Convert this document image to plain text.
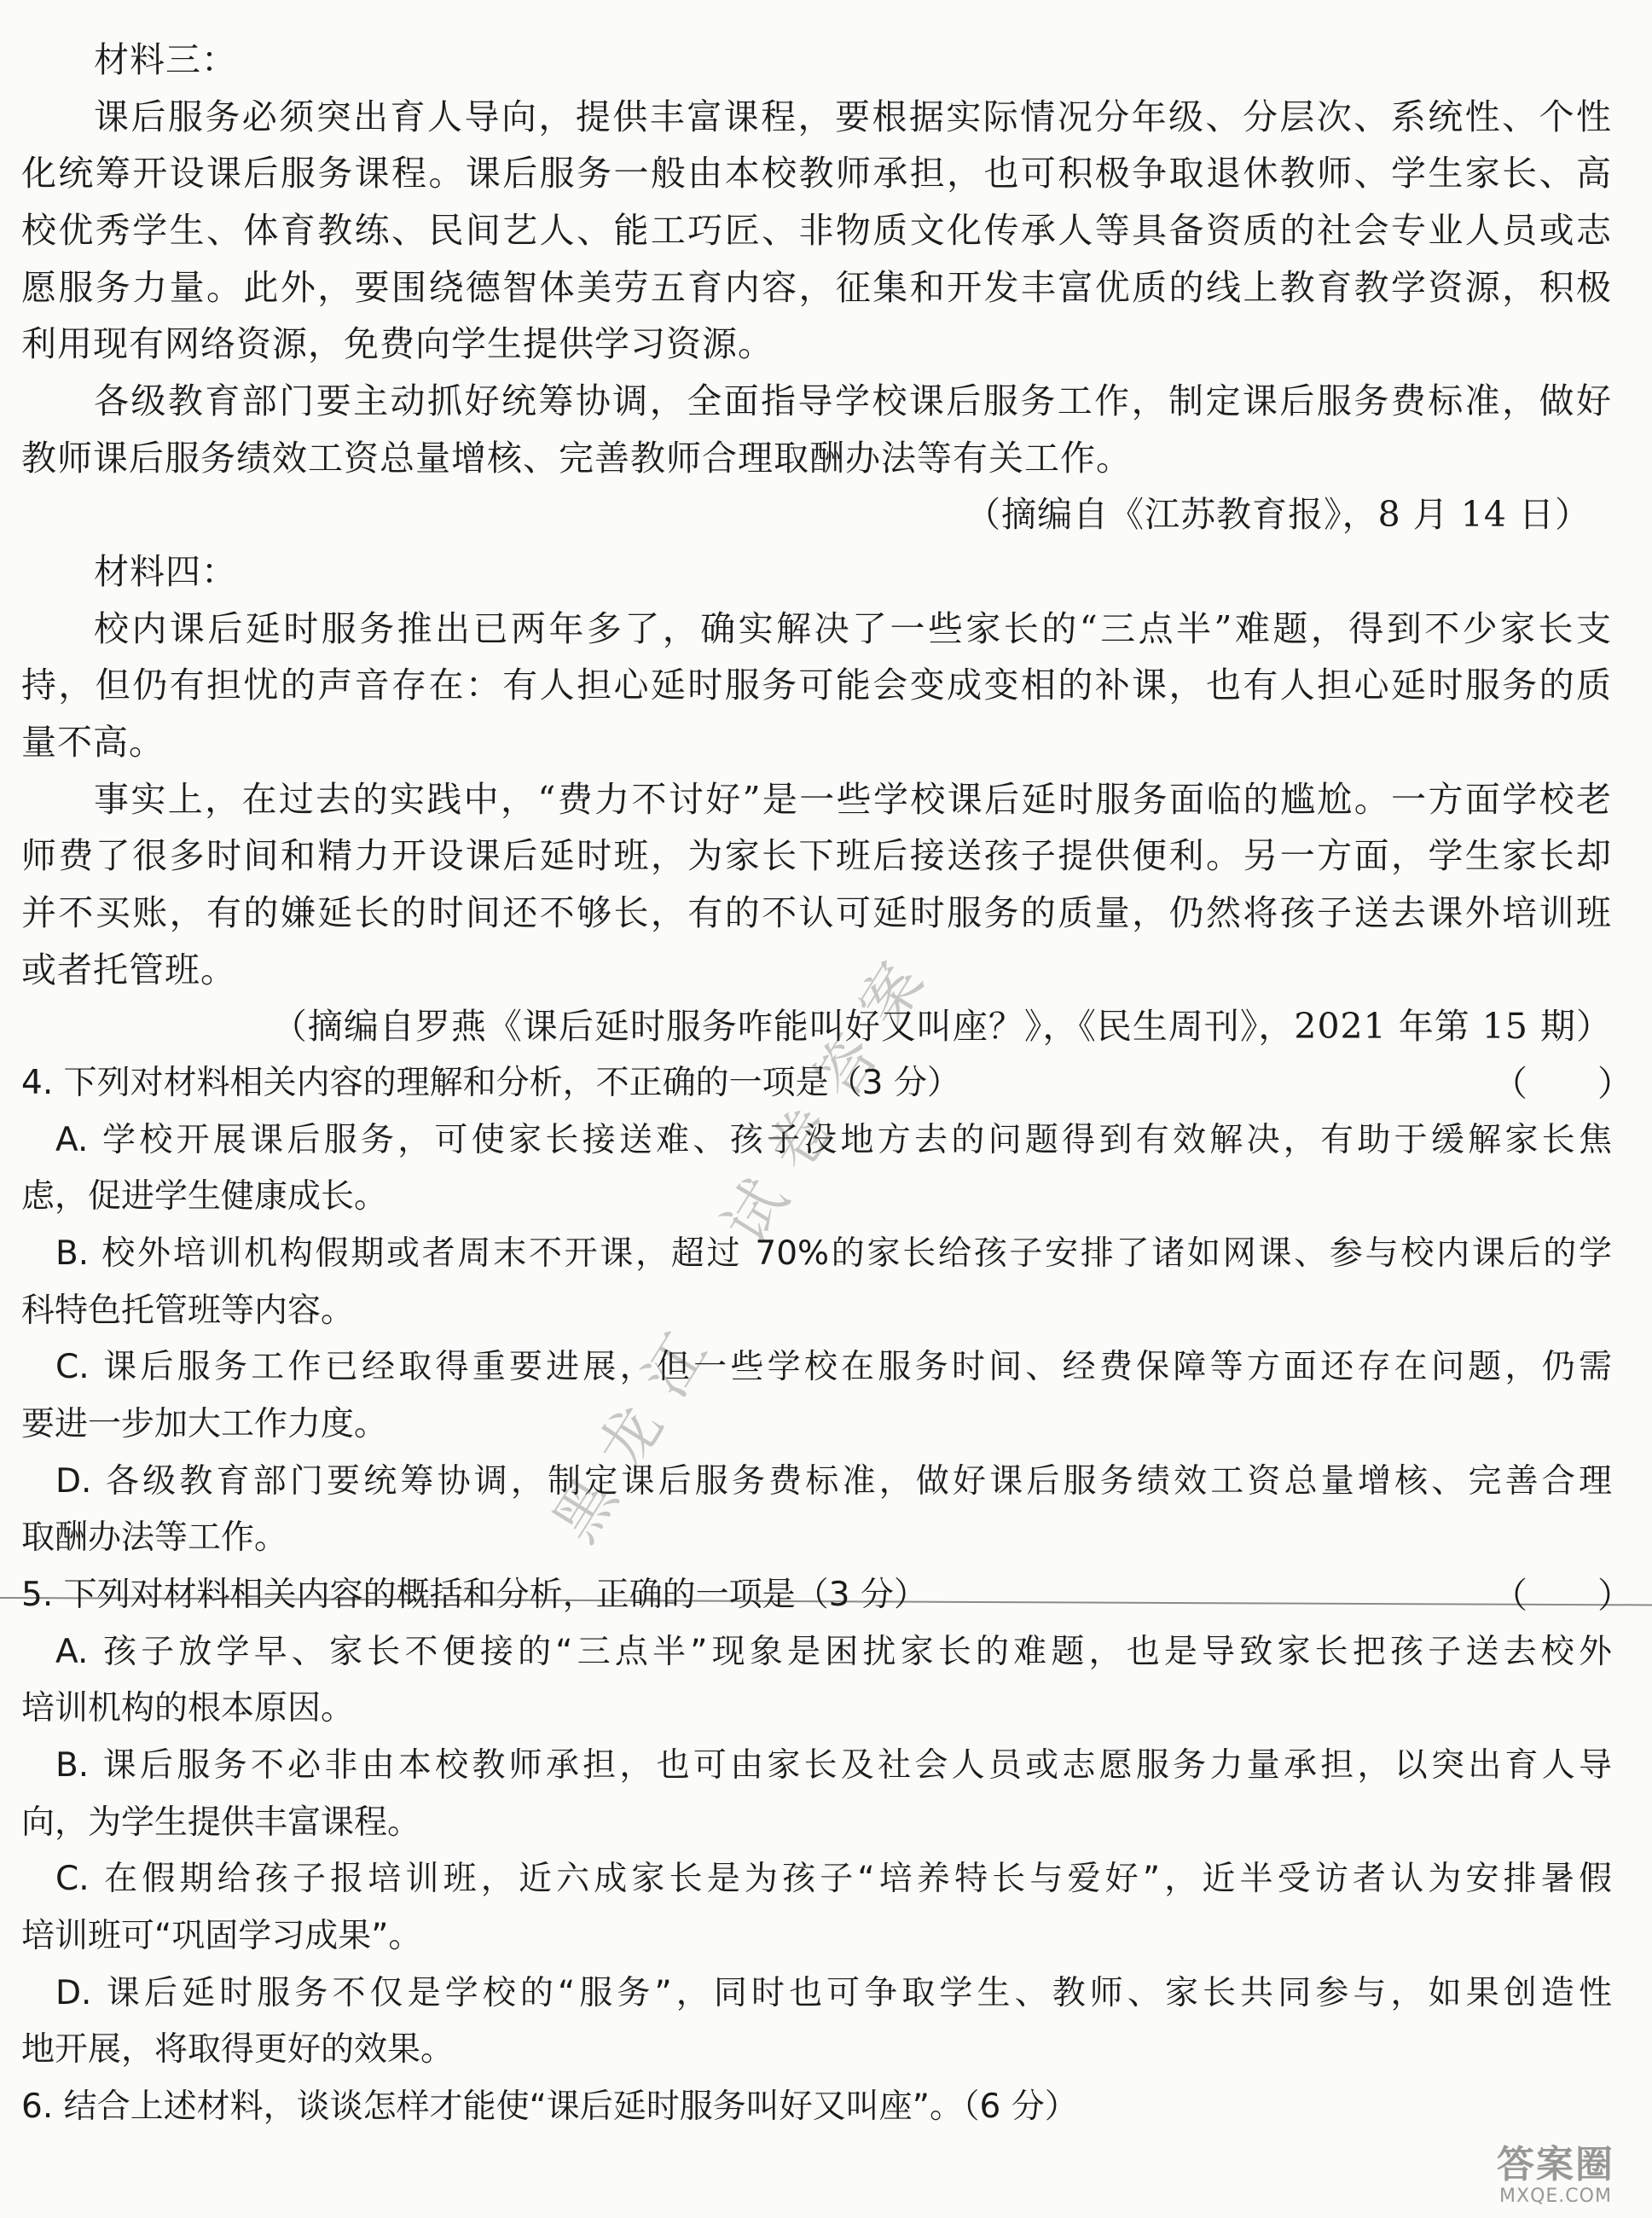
材料三：
课后服务必须突出育人导向，提供丰富课程，要根据实际情况分年级、分层次、系统性、个性
化统筹开设课后服务课程。课后服务一般由本校教师承担，也可积极争取退休教师、学生家长、高
校优秀学生、体育教练、民间艺人、能工巧匠、非物质文化传承人等具备资质的社会专业人员或志
愿服务力量。此外，要围绕德智体美劳五育内容，征集和开发丰富优质的线上教育教学资源，积极
利用现有网络资源，免费向学生提供学习资源。
各级教育部门要主动抓好统筹协调，全面指导学校课后服务工作，制定课后服务费标准，做好
教师课后服务绩效工资总量增核、完善教师合理取酬办法等有关工作。
（摘编自《江苏教育报》，8 月 14 日）
材料四：
校内课后延时服务推出已两年多了，确实解决了一些家长的“三点半”难题，得到不少家长支
持，但仍有担忧的声音存在：有人担心延时服务可能会变成变相的补课，也有人担心延时服务的质
量不高。
事实上，在过去的实践中，“费力不讨好”是一些学校课后延时服务面临的尴尬。一方面学校老
师费了很多时间和精力开设课后延时班，为家长下班后接送孩子提供便利。另一方面，学生家长却
并不买账，有的嫌延长的时间还不够长，有的不认可延时服务的质量，仍然将孩子送去课外培训班
或者托管班。
（摘编自罗燕《课后延时服务咋能叫好又叫座？》，《民生周刊》，2021 年第 15 期）
4. 下列对材料相关内容的理解和分析，不正确的一项是（3 分）	（　　）
A. 学校开展课后服务，可使家长接送难、孩子没地方去的问题得到有效解决，有助于缓解家长焦
虑，促进学生健康成长。
B. 校外培训机构假期或者周末不开课，超过 70%的家长给孩子安排了诸如网课、参与校内课后的学
科特色托管班等内容。
C. 课后服务工作已经取得重要进展，但一些学校在服务时间、经费保障等方面还存在问题，仍需
要进一步加大工作力度。
D. 各级教育部门要统筹协调，制定课后服务费标准，做好课后服务绩效工资总量增核、完善合理
取酬办法等工作。
5. 下列对材料相关内容的概括和分析，正确的一项是（3 分）	（　　）
A. 孩子放学早、家长不便接的“三点半”现象是困扰家长的难题，也是导致家长把孩子送去校外
培训机构的根本原因。
B. 课后服务不必非由本校教师承担，也可由家长及社会人员或志愿服务力量承担，以突出育人导
向，为学生提供丰富课程。
C. 在假期给孩子报培训班，近六成家长是为孩子“培养特长与爱好”，近半受访者认为安排暑假
培训班可“巩固学习成果”。
D. 课后延时服务不仅是学校的“服务”，同时也可争取学生、教师、家长共同参与，如果创造性
地开展，将取得更好的效果。
6. 结合上述材料，谈谈怎样才能使“课后延时服务叫好又叫座”。（6 分）
黑龙江
试卷答案
答案圈
MXQE.COM
